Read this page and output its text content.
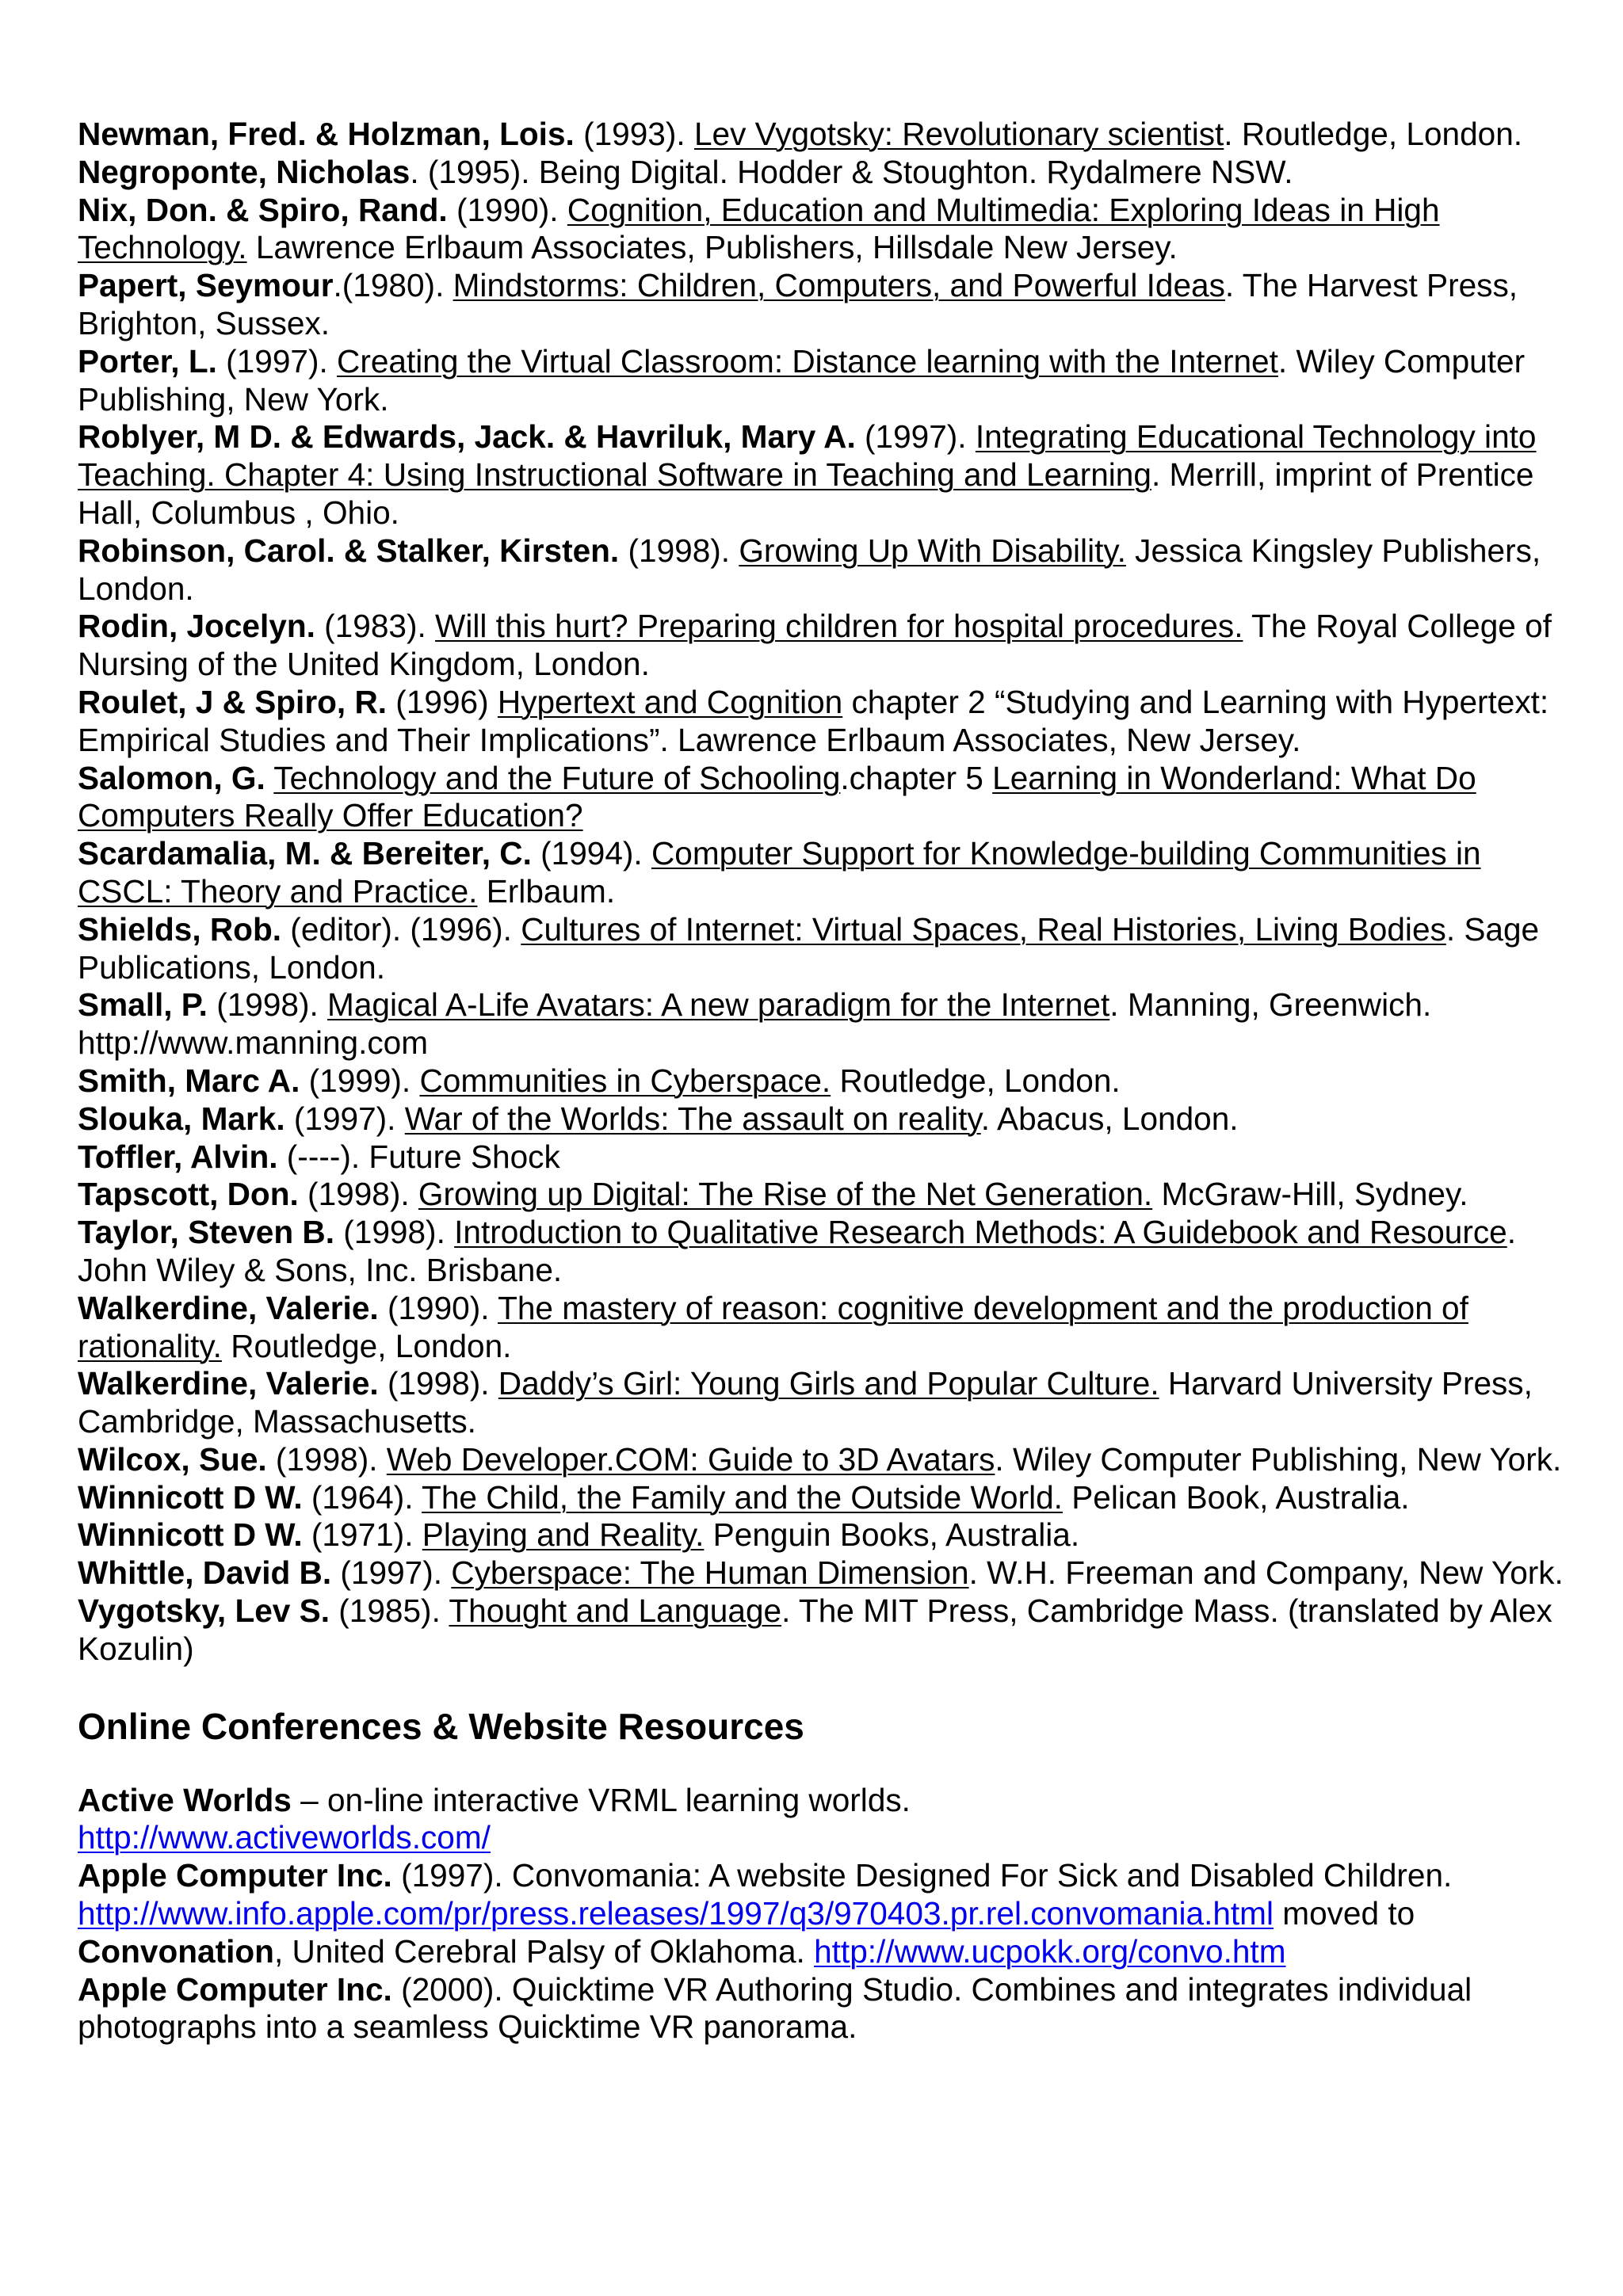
Newman, Fred. & Holzman, Lois. (1993). Lev Vygotsky: Revolutionary scientist. Routledge, London.

Negroponte, Nicholas. (1995). Being Digital. Hodder & Stoughton. Rydalmere NSW.

Nix, Don. & Spiro, Rand. (1990). Cognition, Education and Multimedia: Exploring Ideas in High Technology. Lawrence Erlbaum Associates, Publishers, Hillsdale New Jersey.

Papert, Seymour.(1980). Mindstorms: Children, Computers, and Powerful Ideas. The Harvest Press, Brighton, Sussex.

Porter, L. (1997). Creating the Virtual Classroom: Distance learning with the Internet. Wiley Computer Publishing, New York.

Roblyer, M D. & Edwards, Jack. & Havriluk, Mary A. (1997). Integrating Educational Technology into Teaching. Chapter 4: Using Instructional Software in Teaching and Learning. Merrill, imprint of Prentice Hall, Columbus , Ohio.

Robinson, Carol. & Stalker, Kirsten. (1998). Growing Up With Disability. Jessica Kingsley Publishers, London.

Rodin, Jocelyn. (1983). Will this hurt? Preparing children for hospital procedures. The Royal College of Nursing of the United Kingdom, London.

Roulet, J & Spiro, R. (1996) Hypertext and Cognition chapter 2 “Studying and Learning with Hypertext: Empirical Studies and Their Implications”. Lawrence Erlbaum Associates, New Jersey.

Salomon, G. Technology and the Future of Schooling.chapter 5 Learning in Wonderland: What Do Computers Really Offer Education?

Scardamalia, M. & Bereiter, C. (1994). Computer Support for Knowledge-building Communities in CSCL: Theory and Practice. Erlbaum.

Shields, Rob. (editor). (1996). Cultures of Internet: Virtual Spaces, Real Histories, Living Bodies. Sage Publications, London.

Small, P. (1998). Magical A-Life Avatars: A new paradigm for the Internet. Manning, Greenwich. http://www.manning.com

Smith, Marc A. (1999). Communities in Cyberspace. Routledge, London.

Slouka, Mark. (1997). War of the Worlds: The assault on reality. Abacus, London.

Toffler, Alvin. (----). Future Shock

Tapscott, Don. (1998). Growing up Digital: The Rise of the Net Generation. McGraw-Hill, Sydney.

Taylor, Steven B. (1998). Introduction to Qualitative Research Methods: A Guidebook and Resource. John Wiley & Sons, Inc. Brisbane.

Walkerdine, Valerie. (1990). The mastery of reason: cognitive development and the production of rationality. Routledge, London.

Walkerdine, Valerie. (1998). Daddy’s Girl: Young Girls and Popular Culture. Harvard University Press, Cambridge, Massachusetts.

Wilcox, Sue. (1998). Web Developer.COM: Guide to 3D Avatars. Wiley Computer Publishing, New York.

Winnicott D W. (1964). The Child, the Family and the Outside World. Pelican Book, Australia.

Winnicott D W. (1971). Playing and Reality. Penguin Books, Australia.

Whittle, David B. (1997). Cyberspace: The Human Dimension. W.H. Freeman and Company, New York.

Vygotsky, Lev S. (1985). Thought and Language. The MIT Press, Cambridge Mass. (translated by Alex Kozulin)

Online Conferences & Website Resources

Active Worlds – on-line interactive VRML learning worlds.
http://www.activeworlds.com/

Apple Computer Inc. (1997). Convomania: A website Designed For Sick and Disabled Children. http://www.info.apple.com/pr/press.releases/1997/q3/970403.pr.rel.convomania.html moved to Convonation, United Cerebral Palsy of Oklahoma. http://www.ucpokk.org/convo.htm

Apple Computer Inc. (2000). Quicktime VR Authoring Studio. Combines and integrates individual photographs into a seamless Quicktime VR panorama.
